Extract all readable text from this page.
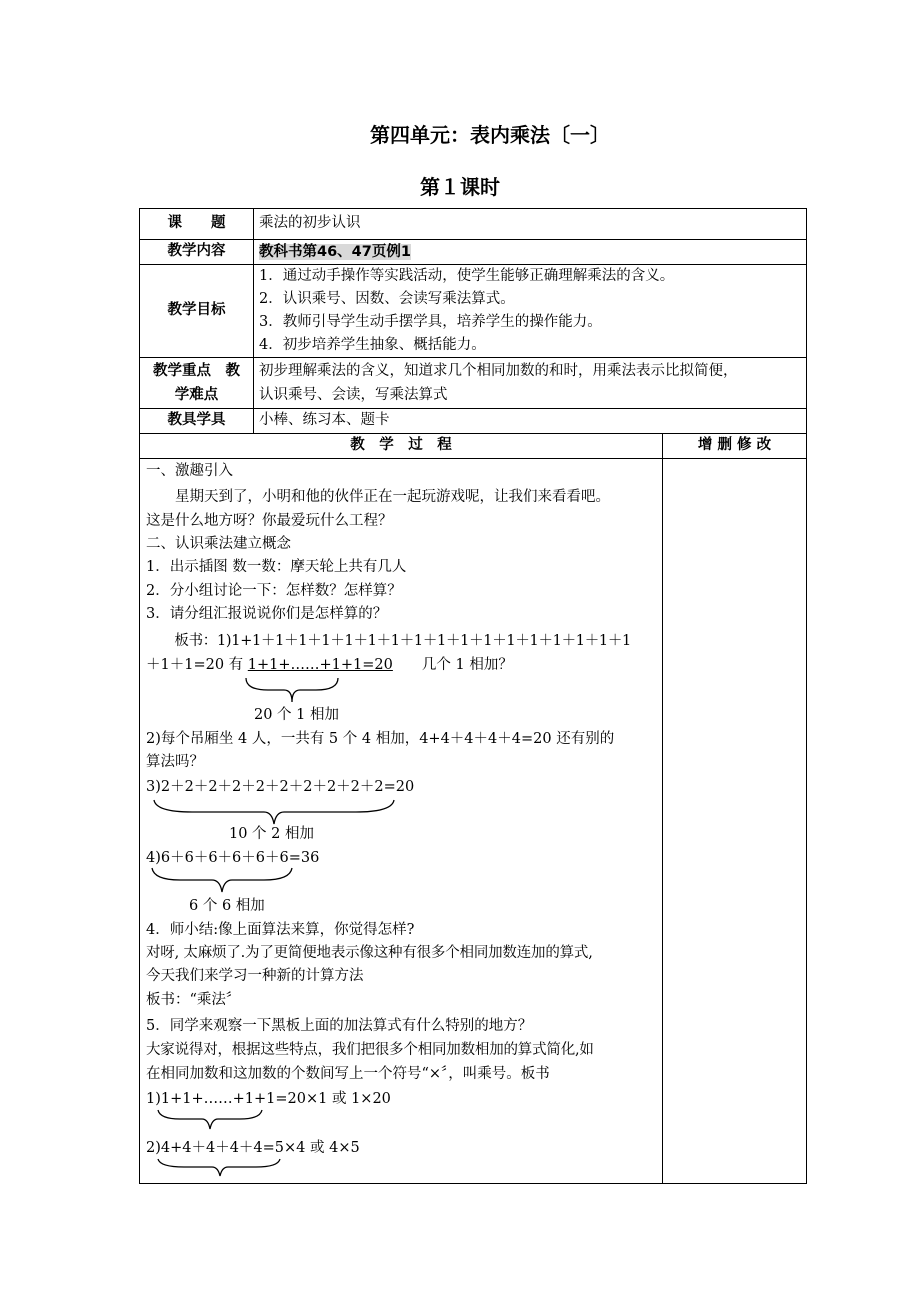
第四单元：表内乘法〔一〕
第１课时
课　　题
教学内容
教学目标
教学重点　教
学难点
教具学具
乘法的初步认识
教科书第46、47页例1
1．通过动手操作等实践活动，使学生能够正确理解乘法的含义。
2．认识乘号、因数、会读写乘法算式。
3．教师引导学生动手摆学具，培养学生的操作能力。
4．初步培养学生抽象、概括能力。
初步理解乘法的含义，知道求几个相同加数的和时，用乘法表示比拟简便，
认识乘号、会读，写乘法算式
小棒、练习本、题卡
教　学　过　程	增 删 修 改
一、激趣引入
　　星期天到了，小明和他的伙伴正在一起玩游戏呢，让我们来看看吧。
这是什么地方呀？你最爱玩什么工程？
二、认识乘法建立概念
1．出示插图 数一数：摩天轮上共有几人
2．分小组讨论一下：怎样数？怎样算？
3．请分组汇报说说你们是怎样算的？
　　板书：1)1+1＋1＋1＋1＋1＋1＋1＋1＋1＋1＋1＋1＋1＋1＋1＋1＋1
＋1＋1=20 有 1+1+……+1+1=20　　几个 1 相加？
20 个 1 相加
2)每个吊厢坐 4 人，一共有 5 个 4 相加，4+4＋4＋4＋4=20 还有别的
算法吗？
3)2＋2＋2＋2＋2＋2＋2＋2＋2＋2=20
10 个 2 相加
4)6＋6＋6＋6＋6＋6=36
6 个 6 相加
4．师小结:像上面算法来算，你觉得怎样?
对呀, 太麻烦了.为了更简便地表示像这种有很多个相同加数连加的算式,
今天我们来学习一种新的计算方法
板书：“乘法〞
5．同学来观察一下黑板上面的加法算式有什么特别的地方？
大家说得对，根据这些特点，我们把很多个相同加数相加的算式简化,如
在相同加数和这加数的个数间写上一个符号“×〞，叫乘号。板书
1)1+1+……+1+1=20×1 或 1×20
2)4+4＋4＋4＋4=5×4 或 4×5
